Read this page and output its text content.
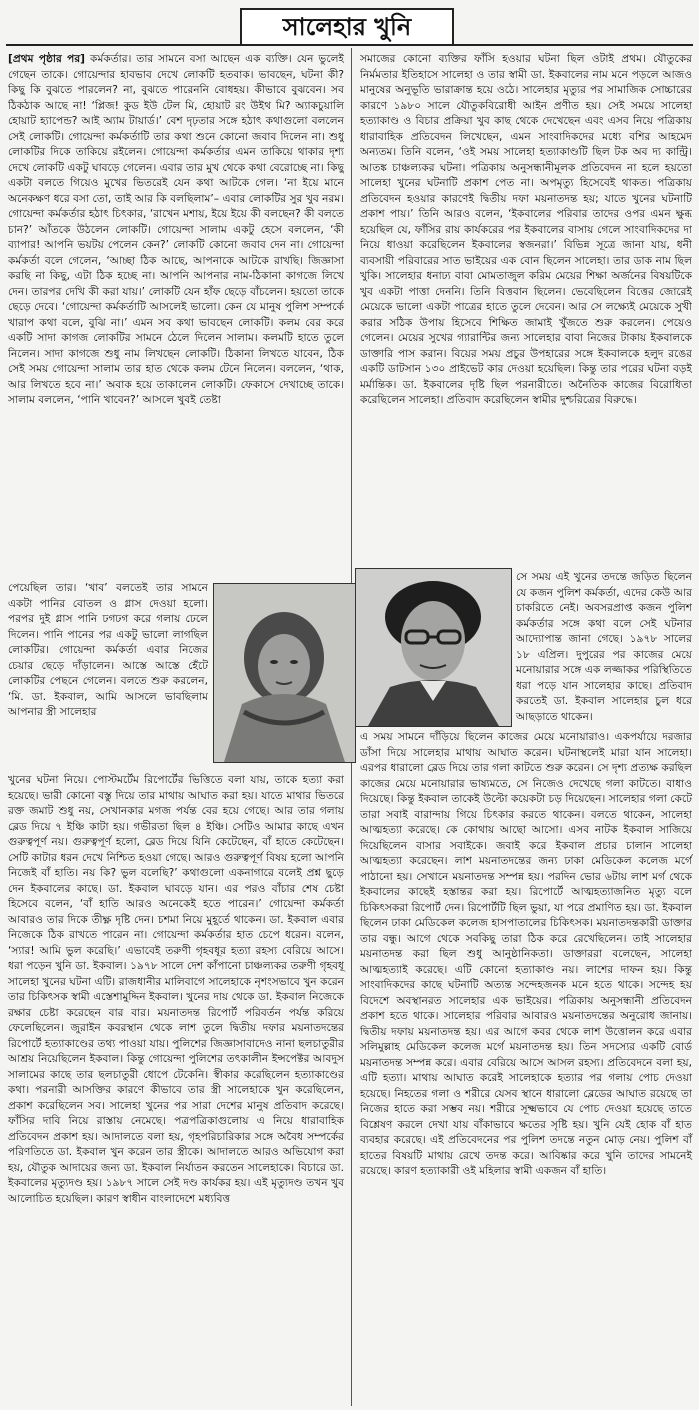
সালেহার খুনি

[প্রথম পৃষ্ঠার পর] কর্মকর্তার। তার সামনে বসা আছেন এক ব্যক্তি। যেন ভুলেই গেছেন তাকে। গোয়েন্দার হাবভাব দেখে লোকটি হতবাক। ভাবছেন, ঘটনা কী? কিছু কি বুঝতে পারলেন? না, বুঝতে পারেননি বোধহয়। কীভাবে বুঝবেন। সব ঠিকঠাক আছে না! ‘প্লিজ! কুড ইউ টেল মি, হোয়াট রং উইথ মি? অ্যাকচুয়ালি হোয়াট হ্যাপেন্ড? আই অ্যাম টায়ার্ড।’ বেশ দৃঢ়তার সঙ্গে হঠাৎ কথাগুলো বললেন সেই লোকটি। গোয়েন্দা কর্মকর্তাটি তার কথা শুনে কোনো জবাব দিলেন না। শুধু লোকটির দিকে তাকিয়ে রইলেন। গোয়েন্দা কর্মকর্তার এমন তাকিয়ে থাকার দৃশ্য দেখে লোকটি একটু ঘাবড়ে গেলেন। এবার তার মুখ থেকে কথা বেরোচ্ছে না। কিছু একটা বলতে গিয়েও মুখের ভিতরেই যেন কথা আটকে গেল। ‘না ইয়ে মানে অনেকক্ষণ ধরে বসা তো, তাই আর কি বলছিলাম’– এবার লোকটির সুর খুব নরম। গোয়েন্দা কর্মকর্তার হঠাৎ চিৎকার, ‘রাখেন মশায়, ইয়ে ইয়ে কী বলছেন? কী বলতে চান?’ আঁতকে উঠলেন লোকটি। গোয়েন্দা সালাম একটু হেসে বললেন, ‘কী ব্যাপার! আপনি ভয়টয় পেলেন কেন?’ লোকটি কোনো জবাব দেন না। গোয়েন্দা কর্মকর্তা বলে গেলেন, ‘আচ্ছা ঠিক আছে, আপনাকে আটকে রাখছি। জিজ্ঞাসা করছি না কিছু, এটা ঠিক হচ্ছে না। আপনি আপনার নাম-ঠিকানা কাগজে লিখে দেন। তারপর দেখি কী করা যায়।’ লোকটি যেন হাঁফ ছেড়ে বাঁচলেন। হয়তো তাকে ছেড়ে দেবে। ‘গোয়েন্দা কর্মকর্তাটি আসলেই ভালো। কেন যে মানুষ পুলিশ সম্পর্কে খারাপ কথা বলে, বুঝি না।’ এমন সব কথা ভাবছেন লোকটি। কলম বের করে একটি সাদা কাগজ লোকটির সামনে ঠেলে দিলেন সালাম। কলমটি হাতে তুলে নিলেন। সাদা কাগজে শুধু নাম লিখছেন লোকটি। ঠিকানা লিখতে যাবেন, ঠিক সেই সময় গোয়েন্দা সালাম তার হাত থেকে কলম টেনে নিলেন। বললেন, ‘থাক, আর লিখতে হবে না।’ অবাক হয়ে তাকালেন লোকটি। ফেকাসে দেখাচ্ছে তাকে। সালাম বললেন, ‘পানি খাবেন?’ আসলে খুবই তেষ্টা

পেয়েছিল তার। ‘খাব’ বলতেই তার সামনে একটা পানির বোতল ও গ্লাস দেওয়া হলো। পরপর দুই গ্লাস পানি ঢগঢগ করে গলায় ঢেলে দিলেন। পানি পানের পর একটু ভালো লাগছিল লোকটির। গোয়েন্দা কর্মকর্তা এবার নিজের চেয়ার ছেড়ে দাঁড়ালেন। আস্তে আস্তে হেঁটে লোকটির পেছনে গেলেন। বলতে শুরু করলেন, ‘মি. ডা. ইকবাল, আমি আসলে ভাবছিলাম আপনার স্ত্রী সালেহার
খুনের ঘটনা নিয়ে। পোস্টমর্টেম রিপোর্টের ভিত্তিতে বলা যায়, তাকে হত্যা করা হয়েছে। ভারী কোনো বস্তু দিয়ে তার মাথায় আঘাত করা হয়। যাতে মাথার ভিতরে রক্ত জমাট শুধু নয়, সেখানকার মগজ পর্যন্ত বের হয়ে গেছে। আর তার গলায় ব্লেড দিয়ে ৭ ইঞ্চি কাটা হয়। গভীরতা ছিল ৪ ইঞ্চি। সেটিও আমার কাছে এখন গুরুত্বপূর্ণ নয়। গুরুত্বপূর্ণ হলো, ব্লেড দিয়ে যিনি কেটেছেন, বাঁ হাতে কেটেছেন। সেটি কাটার ধরন দেখে নিশ্চিত হওয়া গেছে। আরও গুরুত্বপূর্ণ বিষয় হলো আপনি নিজেই বাঁ হাতি। নয় কি? ভুল বলেছি?’ কথাগুলো একনাগারে বলেই প্রশ্ন ছুড়ে দেন ইকবালের কাছে। ডা. ইকবাল ঘাবড়ে যান। এর পরও বাঁচার শেষ চেষ্টা হিসেবে বলেন, ‘বাঁ হাতি আরও অনেকেই হতে পারেন।’ গোয়েন্দা কর্মকর্তা আবারও তার দিকে তীক্ষ্ণ দৃষ্টি দেন। চশমা নিয়ে মুহূর্তে থাকেন। ডা. ইকবাল এবার নিজেকে ঠিক রাখতে পারেন না। গোয়েন্দা কর্মকর্তার হাত চেপে ধরেন। বলেন, ‘স্যার! আমি ভুল করেছি।’ এভাবেই তরুণী গৃহবধূর হত্যা রহস্য বেরিয়ে আসে। ধরা পড়েন খুনি ডা. ইকবাল। ১৯৭৮ সালে দেশ কাঁপানো চাঞ্চল্যকর তরুণী গৃহবধূ সালেহা খুনের ঘটনা এটি। রাজধানীর মালিবাগে সালেহাকে নৃশংসভাবে খুন করেন তার চিকিৎসক স্বামী এস্তেশামুদ্দিন ইকবাল। খুনের দায় থেকে ডা. ইকবাল নিজেকে রক্ষার চেষ্টা করেছেন বার বার। ময়নাতদন্ত রিপোর্ট পরিবর্তন পর্যন্ত করিয়ে ফেলেছিলেন। জুরাইন কবরস্থান থেকে লাশ তুলে দ্বিতীয় দফার ময়নাতদন্তের রিপোর্টে হত্যাকাণ্ডের তথ্য পাওয়া যায়। পুলিশের জিজ্ঞাসাবাদেও নানা ছলচাতুরীর আশ্রয় নিয়েছিলেন ইকবাল। কিন্তু গোয়েন্দা পুলিশের তৎকালীন ইন্সপেক্টর আবদুস সালামের কাছে তার ছলচাতুরী ধোপে টেকেনি। স্বীকার করেছিলেন হত্যাকাণ্ডের কথা। পরনারী আসক্তির কারণে কীভাবে তার স্ত্রী সালেহাকে খুন করেছিলেন, প্রকাশ করেছিলেন সব। সালেহা খুনের পর সারা দেশের মানুষ প্রতিবাদ করেছে। ফাঁসির দাবি নিয়ে রাস্তায় নেমেছে। পত্রপত্রিকাগুলোয় এ নিয়ে ধারাবাহিক প্রতিবেদন প্রকাশ হয়। আদালতে বলা হয়, গৃহপরিচারিকার সঙ্গে অবৈধ সম্পর্কের পরিণতিতে ডা. ইকবাল খুন করেন তার স্ত্রীকে। আদালতে আরও অভিযোগ করা হয়, যৌতুক আদায়ের জন্য ডা. ইকবাল নির্যাতন করতেন সালেহাকে। বিচারে ডা. ইকবালের মৃত্যুদণ্ড হয়। ১৯৮৭ সালে সেই দণ্ড কার্যকর হয়। এই মৃত্যুদণ্ড তখন খুব আলোচিত হয়েছিল। কারণ স্বাধীন বাংলাদেশে মধ্যবিত্ত

সমাজের কোনো ব্যক্তির ফাঁসি হওয়ার ঘটনা ছিল ওটাই প্রথম। যৌতুকের নির্মমতার ইতিহাসে সালেহা ও তার স্বামী ডা. ইকবালের নাম মনে পড়লে আজও মানুষের অনুভূতি ভারাক্রান্ত হয়ে ওঠে। সালেহার মৃত্যুর পর সামাজিক সোচ্চারের কারণে ১৯৮০ সালে যৌতুকবিরোধী আইন প্রণীত হয়। সেই সময়ে সালেহা হত্যাকাণ্ড ও বিচার প্রক্রিয়া খুব কাছ থেকে দেখেছেন এবং এসব নিয়ে পত্রিকায় ধারাবাহিক প্রতিবেদন লিখেছেন, এমন সাংবাদিকদের মধ্যে বশির আহমেদ অন্যতম। তিনি বলেন, ‘ওই সময় সালেহা হত্যাকাণ্ডটি ছিল টক অব দ্য কান্ট্রি। আতঙ্ক চাঞ্চল্যকর ঘটনা। পত্রিকায় অনুসন্ধানীমূলক প্রতিবেদন না হলে হয়তো সালেহা খুনের ঘটনাটি প্রকাশ পেত না। অপমৃত্যু হিসেবেই থাকত। পত্রিকায় প্রতিবেদন হওয়ার কারণেই দ্বিতীয় দফা ময়নাতদন্ত হয়; যাতে খুনের ঘটনাটি প্রকাশ পায়।’ তিনি আরও বলেন, ‘ইকবালের পরিবার তাদের ওপর এমন ক্ষুব্ধ হয়েছিল যে, ফাঁসির রায় কার্যকরের পর ইকবালের বাসায় গেলে সাংবাদিকদের দা নিয়ে ধাওয়া করেছিলেন ইকবালের স্বজনরা।’ বিভিন্ন সূত্রে জানা যায়, ধনী ব্যবসায়ী পরিবারের সাত ভাইয়ের এক বোন ছিলেন সালেহা। তার ডাক নাম ছিল খুকি। সালেহার ধনাঢ্য বাবা মোমতাজুল করিম মেয়ের শিক্ষা অর্জনের বিষয়টিকে খুব একটা পাত্তা দেননি। তিনি বিত্তবান ছিলেন। ভেবেছিলেন বিত্তের জোরেই মেয়েকে ভালো একটা পাত্রের হাতে তুলে দেবেন। আর সে লক্ষ্যেই মেয়েকে সুখী করার সঠিক উপায় হিসেবে শিক্ষিত জামাই খুঁজতে শুরু করলেন। পেয়েও গেলেন। মেয়ের সুখের গ্যারান্টির জন্য সালেহার বাবা নিজের টাকায় ইকবালকে ডাক্তারি পাস করান। বিয়ের সময় প্রচুর উপহারের সঙ্গে ইকবালকে হলুদ রঙের একটি ডাটসান ১৩০ প্রাইভেট কার দেওয়া হয়েছিল। কিন্তু তার পরের ঘটনা বড়ই মর্মান্তিক। ডা. ইকবালের দৃষ্টি ছিল পরনারীতে। অনৈতিক কাজের বিরোধিতা করেছিলেন সালেহা। প্রতিবাদ করেছিলেন স্বামীর দুশ্চরিত্রের বিরুদ্ধে।

সে সময় এই খুনের তদন্তে জড়িত ছিলেন যে কজন পুলিশ কর্মকর্তা, এদের কেউ আর চাকরিতে নেই। অবসরপ্রাপ্ত কজন পুলিশ কর্মকর্তার সঙ্গে কথা বলে সেই ঘটনার আদ্যোপান্ত জানা গেছে। ১৯৭৮ সালের ১৮ এপ্রিল। দুপুরের পর কাজের মেয়ে মনোয়ারার সঙ্গে এক লজ্জাকর পরিস্থিতিতে ধরা পড়ে যান সালেহার কাছে। প্রতিবাদ করতেই ডা. ইকবাল সালেহার চুল ধরে আছড়াতে থাকেন।
এ সময় সামনে দাঁড়িয়ে ছিলেন কাজের মেয়ে মনোয়ারাও। একপর্যায়ে দরজার ডাঁসা দিয়ে সালেহার মাথায় আঘাত করেন। ঘটনাস্থলেই মারা যান সালেহা। এরপর ধারালো ব্লেড দিয়ে তার গলা কাটতে শুরু করেন। সে দৃশ্য প্রত্যক্ষ করছিল কাজের মেয়ে মনোয়ারার ভাষ্যমতে, সে নিজেও দেখেছে গলা কাটতে। বাধাও দিয়েছে। কিন্তু ইকবাল তাকেই উল্টো কয়েকটা চড় দিয়েছেন। সালেহার গলা কেটে তারা সবাই বারান্দায় গিয়ে চিৎকার করতে থাকেন। বলতে থাকেন, সালেহা আত্মহত্যা করেছে। কে কোথায় আছো আসো। এসব নাটক ইকবাল সাজিয়ে দিয়েছিলেন বাসার সবাইকে। জবাই করে ইকবাল প্রচার চালান সালেহা আত্মহত্যা করেছেন। লাশ ময়নাতদন্তের জন্য ঢাকা মেডিকেল কলেজ মর্গে পাঠানো হয়। সেখানে ময়নাতদন্ত সম্পন্ন হয়। পরদিন ভোর ৬টায় লাশ মর্গ থেকে ইকবালের কাছেই হস্তান্তর করা হয়। রিপোর্টে আত্মহত্যাজনিত মৃত্যু বলে চিকিৎসকরা রিপোর্ট দেন। রিপোর্টটি ছিল ভুয়া, যা পরে প্রমাণিত হয়। ডা. ইকবাল ছিলেন ঢাকা মেডিকেল কলেজ হাসপাতালের চিকিৎসক। ময়নাতদন্তকারী ডাক্তার তার বন্ধু। আগে থেকে সবকিছু তারা ঠিক করে রেখেছিলেন। তাই সালেহার ময়নাতদন্ত করা ছিল শুধু আনুষ্ঠানিকতা। ডাক্তাররা বলেছেন, সালেহা আত্মহত্যাই করেছে। এটি কোনো হত্যাকাণ্ড নয়। লাশের দাফন হয়। কিন্তু সাংবাদিকদের কাছে ঘটনাটি অত্যন্ত সন্দেহজনক মনে হতে থাকে। সন্দেহ হয় বিদেশে অবস্থানরত সালেহার এক ভাইয়ের। পত্রিকায় অনুসন্ধানী প্রতিবেদন প্রকাশ হতে থাকে। সালেহার পরিবার আবারও ময়নাতদন্তের অনুরোধ জানায়। দ্বিতীয় দফায় ময়নাতদন্ত হয়। এর আগে কবর থেকে লাশ উত্তোলন করে এবার সলিমুল্লাহ মেডিকেল কলেজ মর্গে ময়নাতদন্ত হয়। তিন সদস্যের একটি বোর্ড ময়নাতদন্ত সম্পন্ন করে। এবার বেরিয়ে আসে আসল রহস্য। প্রতিবেদনে বলা হয়, এটি হত্যা। মাথায় আঘাত করেই সালেহাকে হত্যার পর গলায় পোচ দেওয়া হয়েছে। নিহতের গলা ও শরীরে যেসব স্থানে ধারালো ব্লেডের আঘাত রয়েছে তা নিজের হাতে করা সম্ভব নয়। শরীরে সূক্ষ্মভাবে যে পোচ দেওয়া হয়েছে তাতে বিশ্লেষণ করলে দেখা যায় বাঁকাভাবে ক্ষতের সৃষ্টি হয়। খুনি যেই হোক বাঁ হাত ব্যবহার করেছে। এই প্রতিবেদনের পর পুলিশ তদন্তে নতুন মোড় নেয়। পুলিশ বাঁ হাতের বিষয়টি মাথায় রেখে তদন্ত করে। আবিষ্কার করে খুনি তাদের সামনেই রয়েছে। কারণ হত্যাকারী ওই মহিলার স্বামী একজন বাঁ হাতি।
